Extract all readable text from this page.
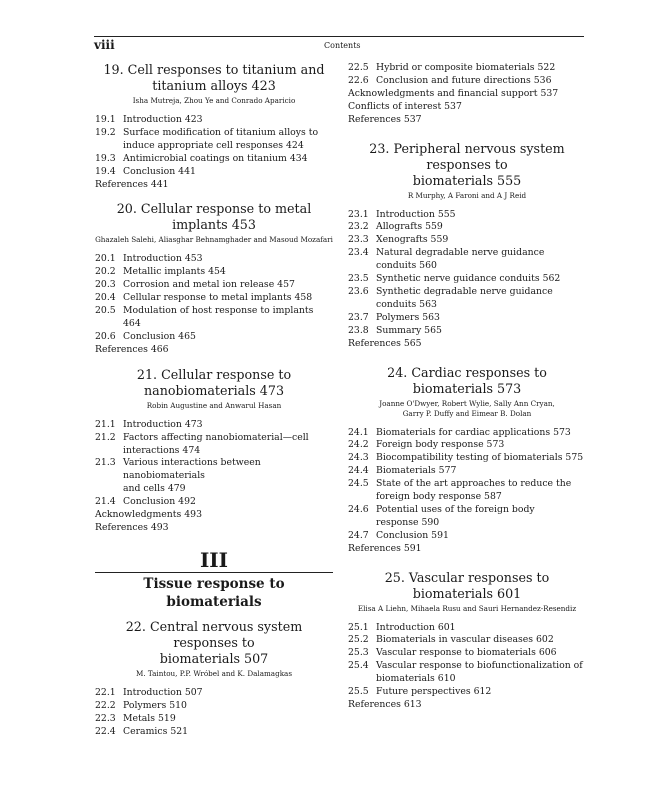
viii	Contents

19. Cell responses to titanium and

titanium alloys 423

Isha Mutreja, Zhou Ye and Conrado Aparicio

19.1 Introduction 423
19.2 Surface modification of titanium alloys to
induce appropriate cell responses 424
19.3 Antimicrobial coatings on titanium 434
19.4 Conclusion 441
References 441

20. Cellular response to metal

implants 453

Ghazaleh Salehi, Aliasghar Behnamghader and Masoud Mozafari

20.1 Introduction 453
20.2 Metallic implants 454
20.3 Corrosion and metal ion release 457
20.4 Cellular response to metal implants 458
20.5 Modulation of host response to implants 464
20.6 Conclusion 465
References 466

21. Cellular response to

nanobiomaterials 473

Robin Augustine and Anwarul Hasan

21.1 Introduction 473
21.2 Factors affecting nanobiomaterial—cell
interactions 474
21.3 Various interactions between nanobiomaterials
and cells 479
21.4 Conclusion 492
Acknowledgments 493
References 493
III
Tissue response to biomaterials

22. Central nervous system responses to

biomaterials 507

M. Taintou, P.P. Wróbel and K. Dalamagkas

22.1 Introduction 507
22.2 Polymers 510
22.3 Metals 519
22.4 Ceramics 521
22.5 Hybrid or composite biomaterials 522
22.6 Conclusion and future directions 536
Acknowledgments and financial support 537
Conflicts of interest 537
References 537

23. Peripheral nervous system responses to

biomaterials 555

R Murphy, A Faroni and A J Reid

23.1 Introduction 555
23.2 Allografts 559
23.3 Xenografts 559
23.4 Natural degradable nerve guidance
conduits 560
23.5 Synthetic nerve guidance conduits 562
23.6 Synthetic degradable nerve guidance
conduits 563
23.7 Polymers 563
23.8 Summary 565
References 565

24. Cardiac responses to biomaterials 573

Joanne O'Dwyer, Robert Wylie, Sally Ann Cryan,

Garry P. Duffy and Eimear B. Dolan

24.1 Biomaterials for cardiac applications 573
24.2 Foreign body response 573
24.3 Biocompatibility testing of biomaterials 575
24.4 Biomaterials 577
24.5 State of the art approaches to reduce the
foreign body response 587
24.6 Potential uses of the foreign body
response 590
24.7 Conclusion 591
References 591

25. Vascular responses to

biomaterials 601

Elisa A Liehn, Mihaela Rusu and Sauri Hernandez-Resendiz

25.1 Introduction 601
25.2 Biomaterials in vascular diseases 602
25.3 Vascular response to biomaterials 606
25.4 Vascular response to biofunctionalization of
biomaterials 610
25.5 Future perspectives 612
References 613
